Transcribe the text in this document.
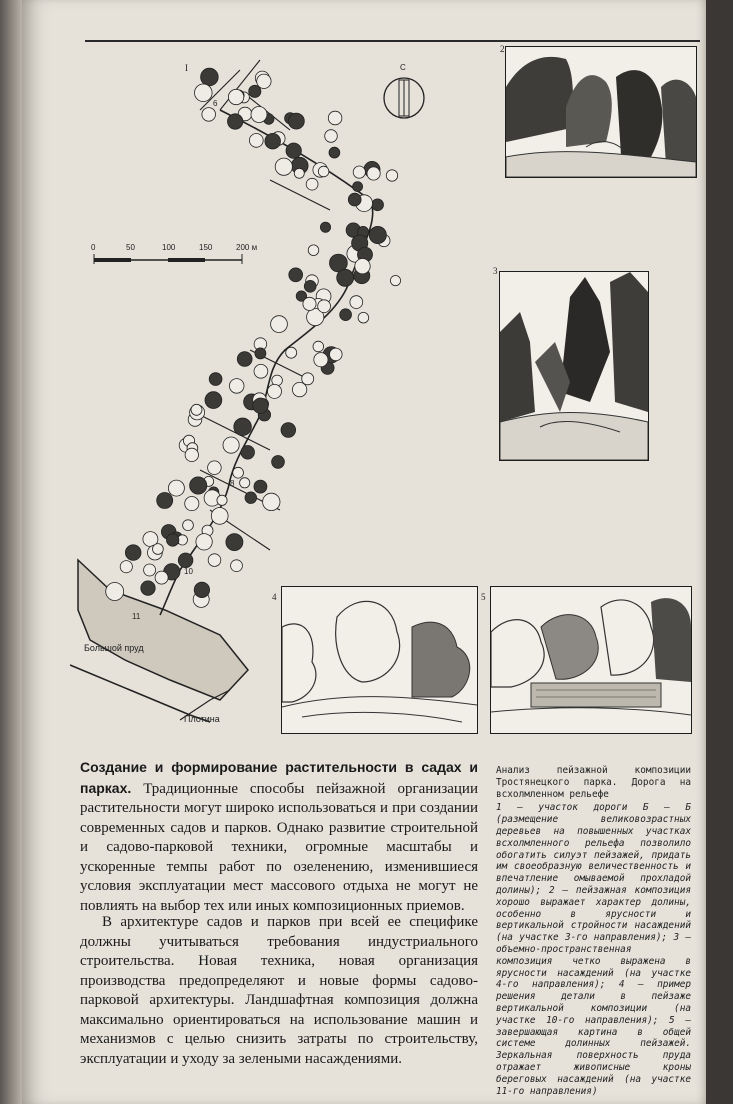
I	С
0	50	100	150	200 м
6
8
10
11
Большой пруд
Плотина
2
3
4	5
Создание и формирование растительности в садах и парках. Традиционные способы пейзажной организации растительности могут широко использоваться и при создании современных садов и парков. Однако развитие строительной и садово-парковой техники, огромные масштабы и ускоренные темпы работ по озеленению, изменившиеся условия эксплуатации мест массового отдыха не могут не повлиять на выбор тех или иных композиционных приемов.
В архитектуре садов и парков при всей ее специфике должны учитываться требования индустриального строительства. Новая техника, новая организация производства предопределяют и новые формы садово-парковой архитектуры. Ландшафтная композиция должна максимально ориентироваться на использование машин и механизмов с целью снизить затраты по строительству, эксплуатации и уходу за зелеными насаждениями.
Анализ пейзажной композиции Тростянецкого парка. Дорога на всхолмленном рельефе
1 — участок дороги Б — Б (размещение великовозрастных деревьев на повышенных участках всхолмленного рельефа позволило обогатить силуэт пейзажей, придать им своеобразную величественность и впечатление омываемой прохладой долины); 2 — пейзажная композиция хорошо выражает характер долины, особенно в ярусности и вертикальной стройности насаждений (на участке 3-го направления); 3 — объемно-пространственная композиция четко выражена в ярусности насаждений (на участке 4-го направления); 4 — пример решения детали в пейзаже вертикальной композиции (на участке 10-го направления); 5 — завершающая картина в общей системе долинных пейзажей. Зеркальная поверхность пруда отражает живописные кроны береговых насаждений (на участке 11-го направления)
